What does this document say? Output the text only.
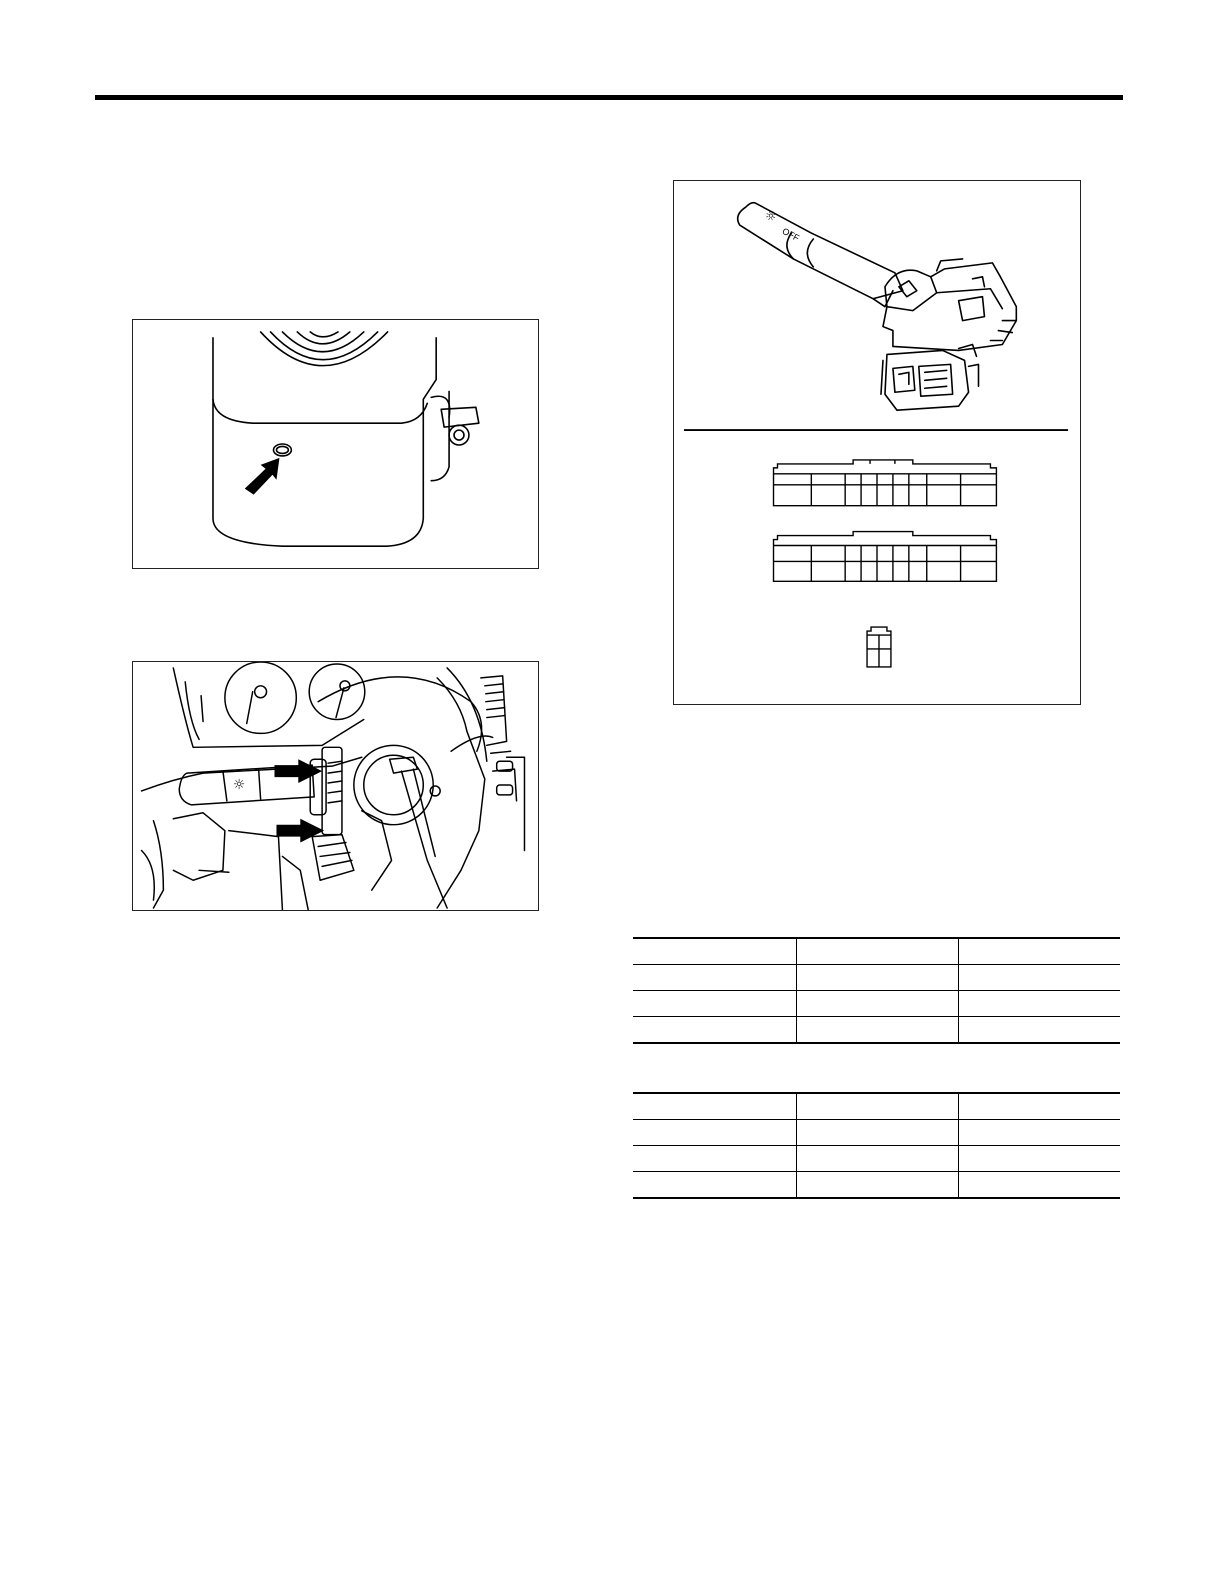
☼
☼
OFF
